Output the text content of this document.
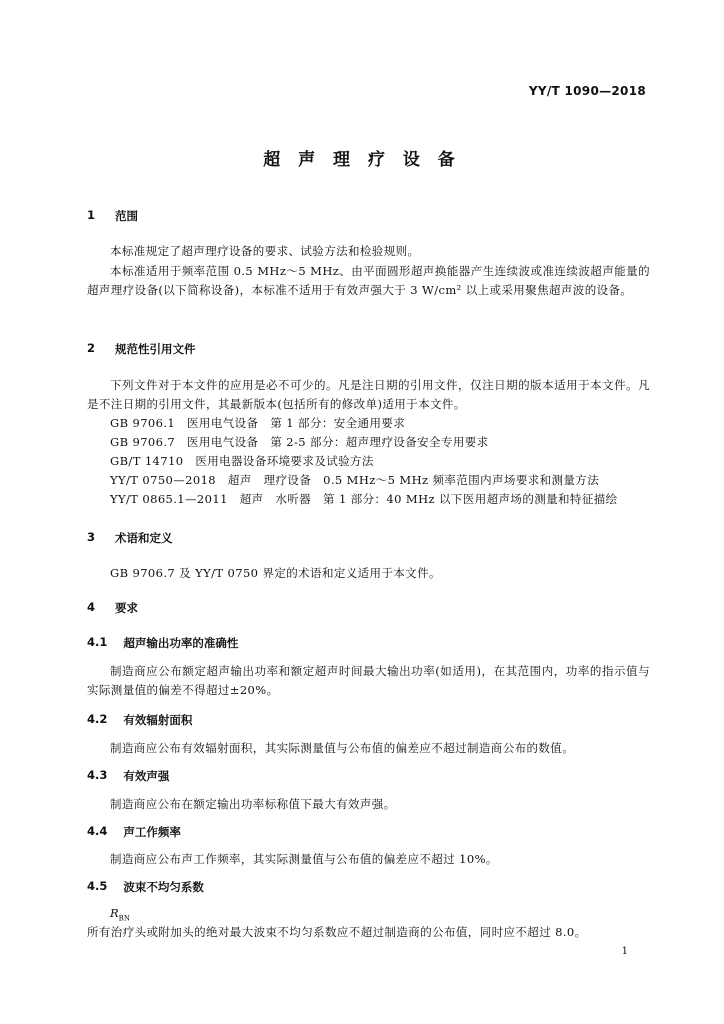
YY/T 1090—2018
超 声 理 疗 设 备
1	范围
本标准规定了超声理疗设备的要求、试验方法和检验规则。
本标准适用于频率范围 0.5 MHz～5 MHz、由平面圆形超声换能器产生连续波或准连续波超声能量的超声理疗设备(以下简称设备)，本标准不适用于有效声强大于 3 W/cm² 以上或采用聚焦超声波的设备。
2	规范性引用文件
下列文件对于本文件的应用是必不可少的。凡是注日期的引用文件，仅注日期的版本适用于本文件。凡是不注日期的引用文件，其最新版本(包括所有的修改单)适用于本文件。
GB 9706.1　医用电气设备　第 1 部分：安全通用要求
GB 9706.7　医用电气设备　第 2-5 部分：超声理疗设备安全专用要求
GB/T 14710　医用电器设备环境要求及试验方法
YY/T 0750—2018　超声　理疗设备　0.5 MHz～5 MHz 频率范围内声场要求和测量方法
YY/T 0865.1—2011　超声　水听器　第 1 部分：40 MHz 以下医用超声场的测量和特征描绘
3	术语和定义
GB 9706.7 及 YY/T 0750 界定的术语和定义适用于本文件。
4	要求
4.1 超声输出功率的准确性
制造商应公布额定超声输出功率和额定超声时间最大输出功率(如适用)，在其范围内，功率的指示值与实际测量值的偏差不得超过±20%。
4.2 有效辐射面积
制造商应公布有效辐射面积，其实际测量值与公布值的偏差应不超过制造商公布的数值。
4.3 有效声强
制造商应公布在额定输出功率标称值下最大有效声强。
4.4 声工作频率
制造商应公布声工作频率，其实际测量值与公布值的偏差应不超过 10%。
4.5 波束不均匀系数
$R_{BN}$
所有治疗头或附加头的绝对最大波束不均匀系数应不超过制造商的公布值，同时应不超过 8.0。
1
